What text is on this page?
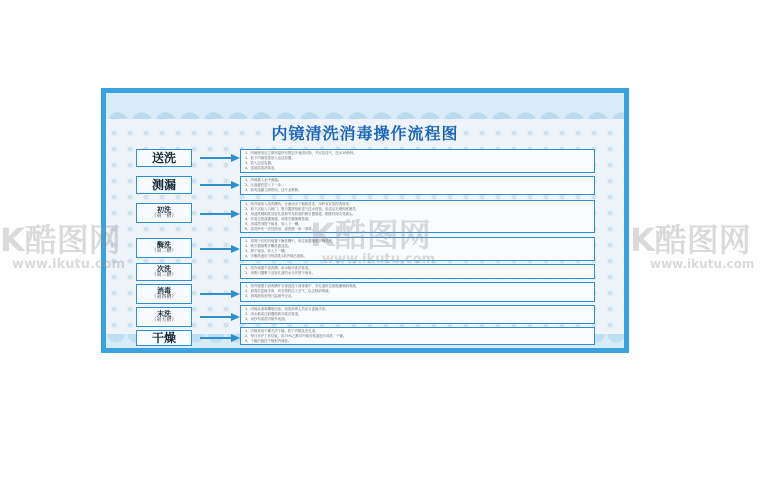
内镜清洗消毒操作流程图
送洗	1、内镜使用后立即用湿纱布擦去外表面污物，并反复送气、送水10秒钟。
2、取下内镜装备放入运送容器。
3、装入运送容器。
4、送到清洗消毒室。
测漏	1、内镜插入水中测漏。
2、无渗漏后进入下一步。
3、如有渗漏立即停用，送专业维修。
初洗
（第一槽）
1、将内镜放入清洗槽内，在流动水下彻底清洗，用纱布反复擦洗镜身。
2、取下活检入口阀门、吸引器按钮和送气送水按钮，用清洁毛刷彻底刷洗。
3、用清洗刷刷洗活检孔道和导光软管的吸引器管道，刷洗时两头见刷头。
4、安装全管道灌流器，用吸引器抽吸管道。
5、用清洗剂擦干镜身，转入下一槽。
6、清洗纱布一次性使用，清洗刷一用一消毒。
酶洗
（第二槽）
1、将擦干后的内镜置于酶洗槽中，用注射器抽吸多酶洗液。
2、吸引器抽吸多酶洗液浸泡。
3、擦干镜身，转入下一槽。
4、多酶洗液应当每清洗1条内镜后更换。
次洗
（第三槽）
1、将内镜置于清洗槽，用水枪冲洗各管道。
2、用吸引器吸干活检孔道的水分并擦干镜身。
消毒
（第四槽）
1、将内镜置于消毒槽并全部浸没于消毒液中，各孔道用注射器灌满消毒液。
2、消毒后更换手套，向各管腔注入空气，以去除消毒液。
3、消毒液浓度每日监测并记录。
末洗
（第五槽）
1、内镜从消毒槽取出前，清洗消毒人员应当更换手套。
2、用水枪或注射器彻底冲洗各管道。
3、用纱布清洗内镜外表面。
干燥	1、内镜采用干燥方法干燥，吹干内镜及各孔道。
2、每日诊疗工作结束，用75%乙醇对内镜各管道进行冲洗、干燥。
3、干燥后悬挂于镜柜内储存。
K酷图网
www.ikutu.com
K酷图网
www.ikutu.com
K酷图网
www.ikutu.com
